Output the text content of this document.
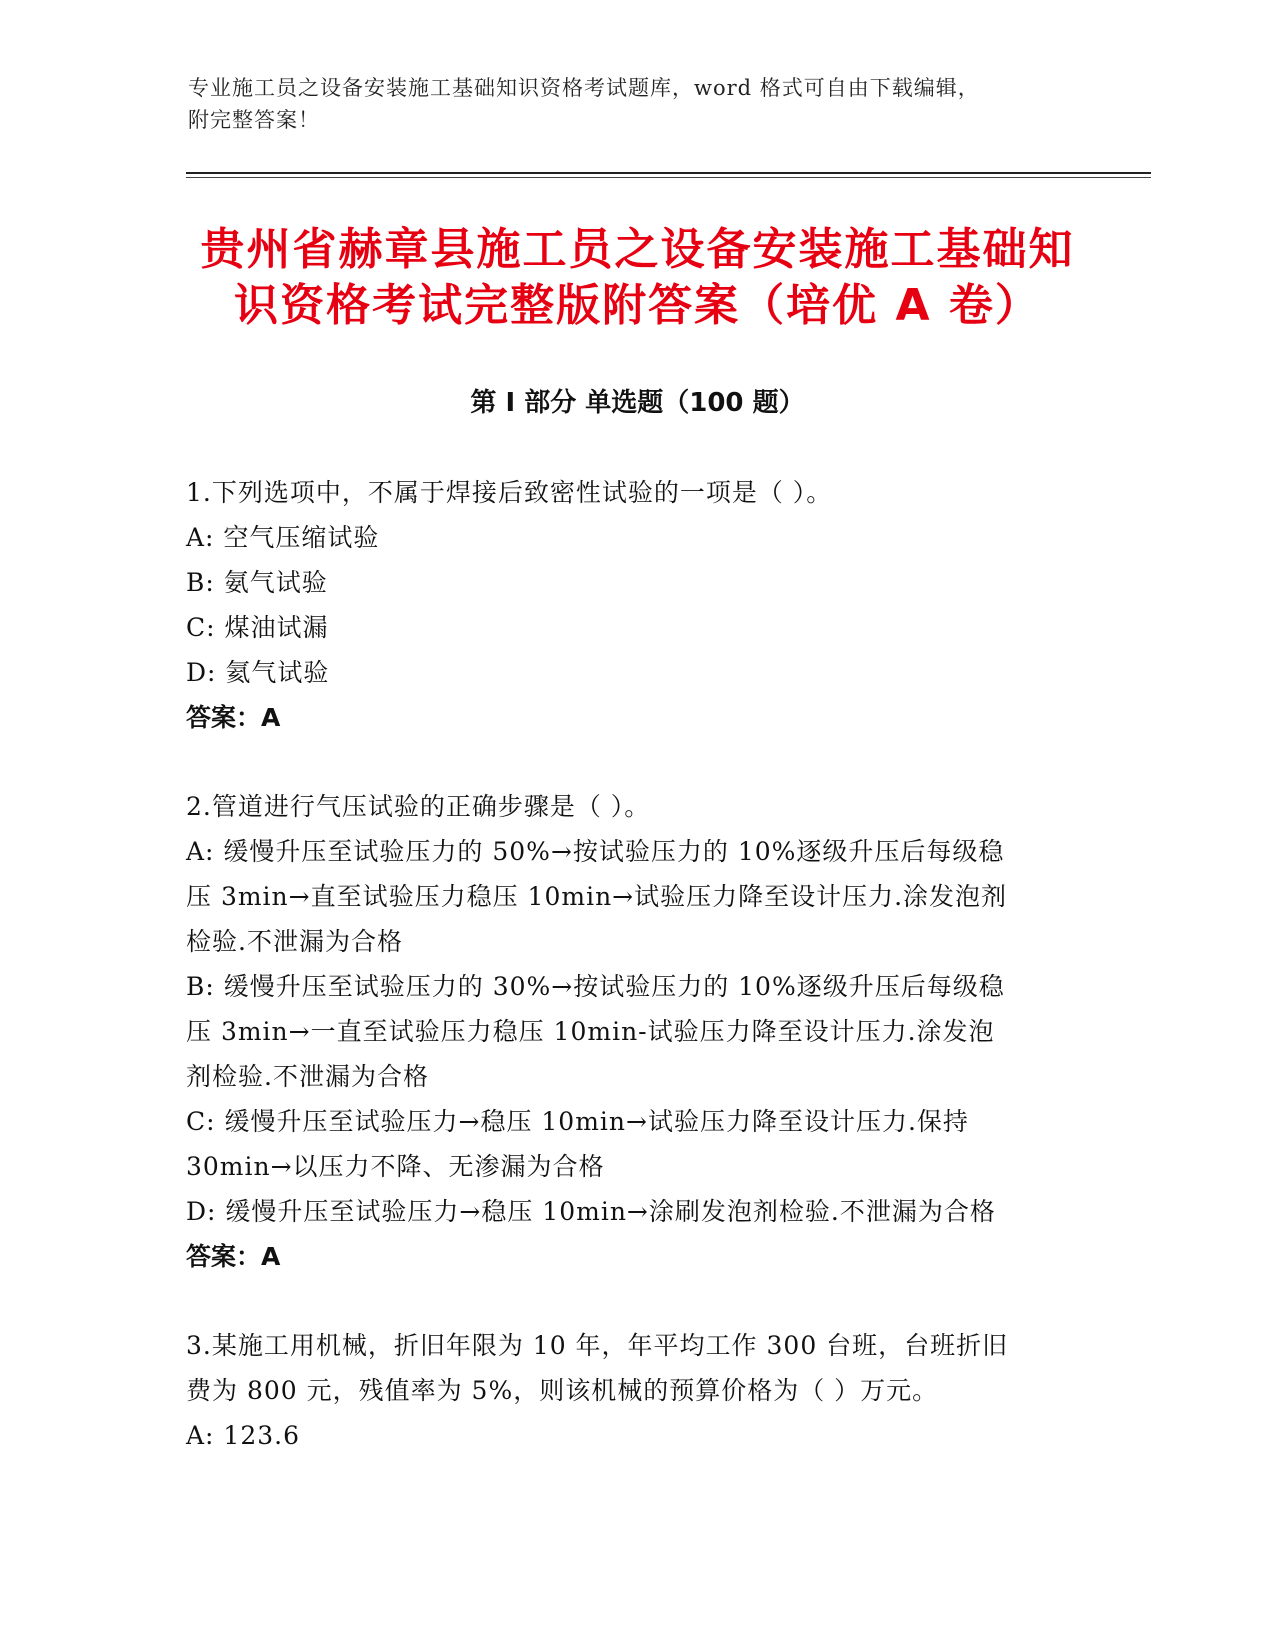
专业施工员之设备安装施工基础知识资格考试题库，word 格式可自由下载编辑，
附完整答案！
贵州省赫章县施工员之设备安装施工基础知
识资格考试完整版附答案（培优 A 卷）
第 I 部分 单选题（100 题）
1.下列选项中，不属于焊接后致密性试验的一项是（ ）。
A: 空气压缩试验
B: 氨气试验
C: 煤油试漏
D: 氦气试验
答案：A
2.管道进行气压试验的正确步骤是（ ）。
A: 缓慢升压至试验压力的 50%→按试验压力的 10%逐级升压后每级稳
压 3min→直至试验压力稳压 10min→试验压力降至设计压力.涂发泡剂
检验.不泄漏为合格
B: 缓慢升压至试验压力的 30%→按试验压力的 10%逐级升压后每级稳
压 3min→一直至试验压力稳压 10min-试验压力降至设计压力.涂发泡
剂检验.不泄漏为合格
C: 缓慢升压至试验压力→稳压 10min→试验压力降至设计压力.保持
30min→以压力不降、无渗漏为合格
D: 缓慢升压至试验压力→稳压 10min→涂刷发泡剂检验.不泄漏为合格
答案：A
3.某施工用机械，折旧年限为 10 年，年平均工作 300 台班，台班折旧
费为 800 元，残值率为 5%，则该机械的预算价格为（ ）万元。
A: 123.6
